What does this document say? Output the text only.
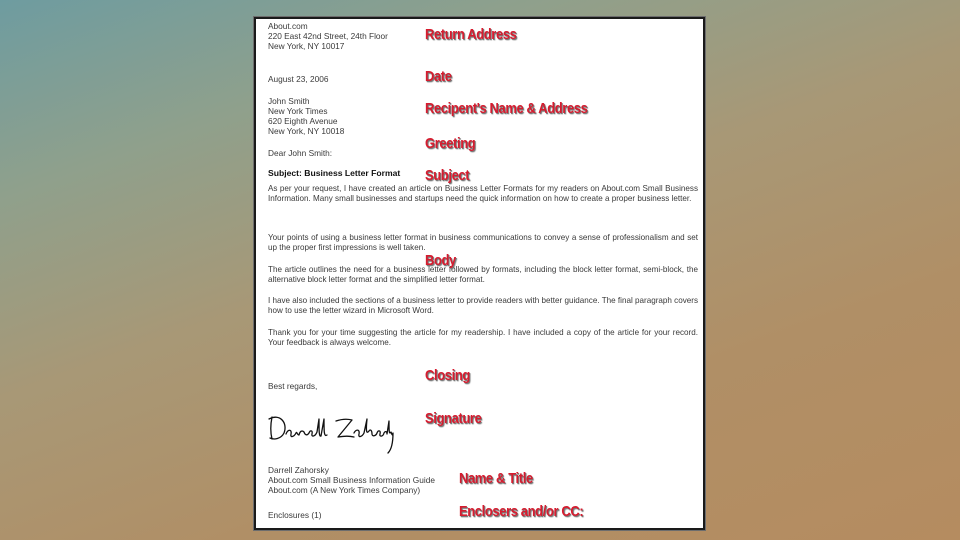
About.com
220 East 42nd Street, 24th Floor
New York, NY 10017
August 23, 2006
John Smith
New York Times
620 Eighth Avenue
New York, NY 10018
Dear John Smith:
Subject: Business Letter Format
As per your request, I have created an article on Business Letter Formats for my readers on About.com Small Business Information. Many small businesses and startups need the quick information on how to create a proper business letter.
Your points of using a business letter format in business communications to convey a sense of professionalism and set up the proper first impressions is well taken.
The article outlines the need for a business letter followed by formats, including the block letter format, semi-block, the alternative block letter format and the simplified letter format.
I have also included the sections of a business letter to provide readers with better guidance. The final paragraph covers how to use the letter wizard in Microsoft Word.
Thank you for your time suggesting the article for my readership. I have included a copy of the article for your record. Your feedback is always welcome.
Best regards,
Darrell Zahorsky
About.com Small Business Information Guide
About.com (A New York Times Company)
Enclosures (1)
Return Address
Date
Recipent's Name & Address
Greeting
Subject
Body
Closing
Signature
Name & Title
Enclosers and/or CC:
